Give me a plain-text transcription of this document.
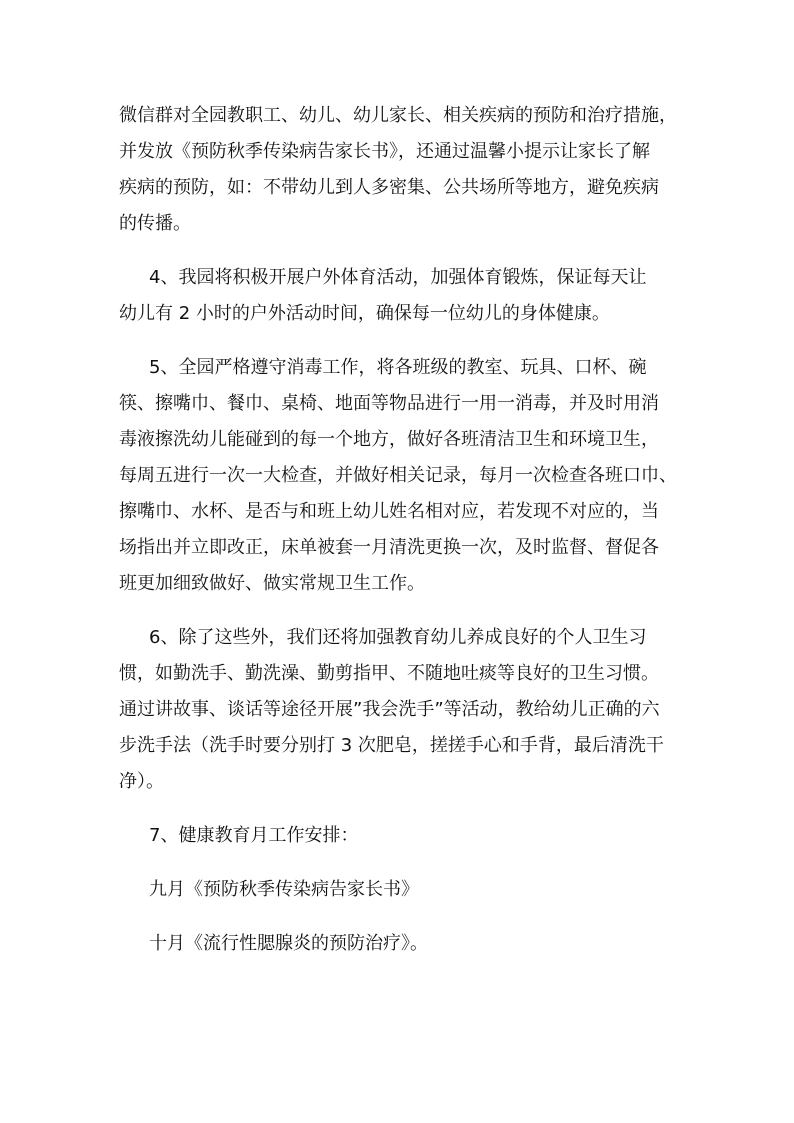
微信群对全园教职工、幼儿、幼儿家长、相关疾病的预防和治疗措施，
并发放《预防秋季传染病告家长书》，还通过温馨小提示让家长了解
疾病的预防，如：不带幼儿到人多密集、公共场所等地方，避免疾病
的传播。
4、我园将积极开展户外体育活动，加强体育锻炼，保证每天让
幼儿有 2 小时的户外活动时间，确保每一位幼儿的身体健康。
5、全园严格遵守消毒工作，将各班级的教室、玩具、口杯、碗
筷、擦嘴巾、餐巾、桌椅、地面等物品进行一用一消毒，并及时用消
毒液擦洗幼儿能碰到的每一个地方，做好各班清洁卫生和环境卫生，
每周五进行一次一大检查，并做好相关记录，每月一次检查各班口巾、
擦嘴巾、水杯、是否与和班上幼儿姓名相对应，若发现不对应的，当
场指出并立即改正，床单被套一月清洗更换一次，及时监督、督促各
班更加细致做好、做实常规卫生工作。
6、除了这些外，我们还将加强教育幼儿养成良好的个人卫生习
惯，如勤洗手、勤洗澡、勤剪指甲、不随地吐痰等良好的卫生习惯。
通过讲故事、谈话等途径开展”我会洗手”等活动，教给幼儿正确的六
步洗手法（洗手时要分别打 3 次肥皂，搓搓手心和手背，最后清洗干
净）。
7、健康教育月工作安排：
九月《预防秋季传染病告家长书》
十月《流行性腮腺炎的预防治疗》。
